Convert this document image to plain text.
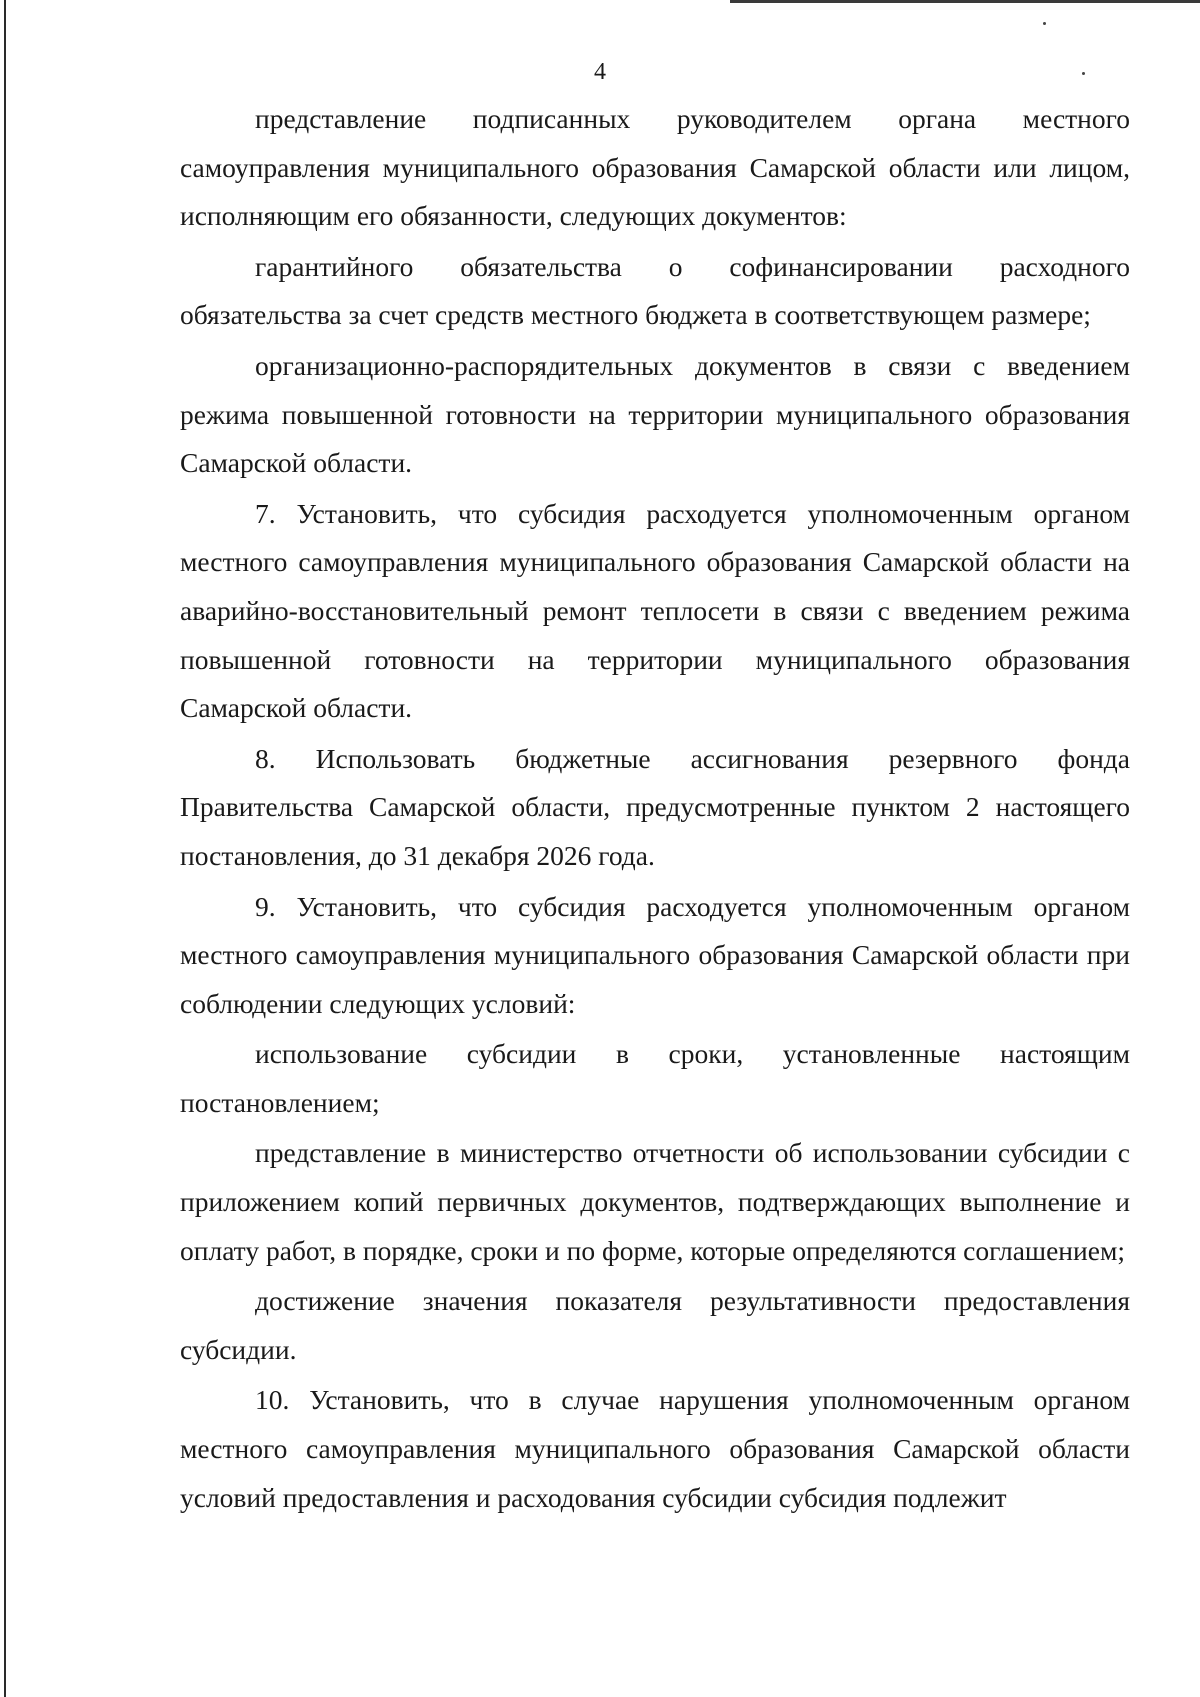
4

представление подписанных руководителем органа местного самоуправления муниципального образования Самарской области или лицом, исполняющим его обязанности, следующих документов:

гарантийного обязательства о софинансировании расходного обязательства за счет средств местного бюджета в соответствующем размере;

организационно-распорядительных документов в связи с введением режима повышенной готовности на территории муниципального образования Самарской области.

7. Установить, что субсидия расходуется уполномоченным органом местного самоуправления муниципального образования Самарской области на аварийно-восстановительный ремонт теплосети в связи с введением режима повышенной готовности на территории муниципального образования Самарской области.

8. Использовать бюджетные ассигнования резервного фонда Правительства Самарской области, предусмотренные пунктом 2 настоящего постановления, до 31 декабря 2026 года.

9. Установить, что субсидия расходуется уполномоченным органом местного самоуправления муниципального образования Самарской области при соблюдении следующих условий:

использование субсидии в сроки, установленные настоящим постановлением;

представление в министерство отчетности об использовании субсидии с приложением копий первичных документов, подтверждающих выполнение и оплату работ, в порядке, сроки и по форме, которые определяются соглашением;

достижение значения показателя результативности предоставления субсидии.

10. Установить, что в случае нарушения уполномоченным органом местного самоуправления муниципального образования Самарской области условий предоставления и расходования субсидии субсидия подлежит
